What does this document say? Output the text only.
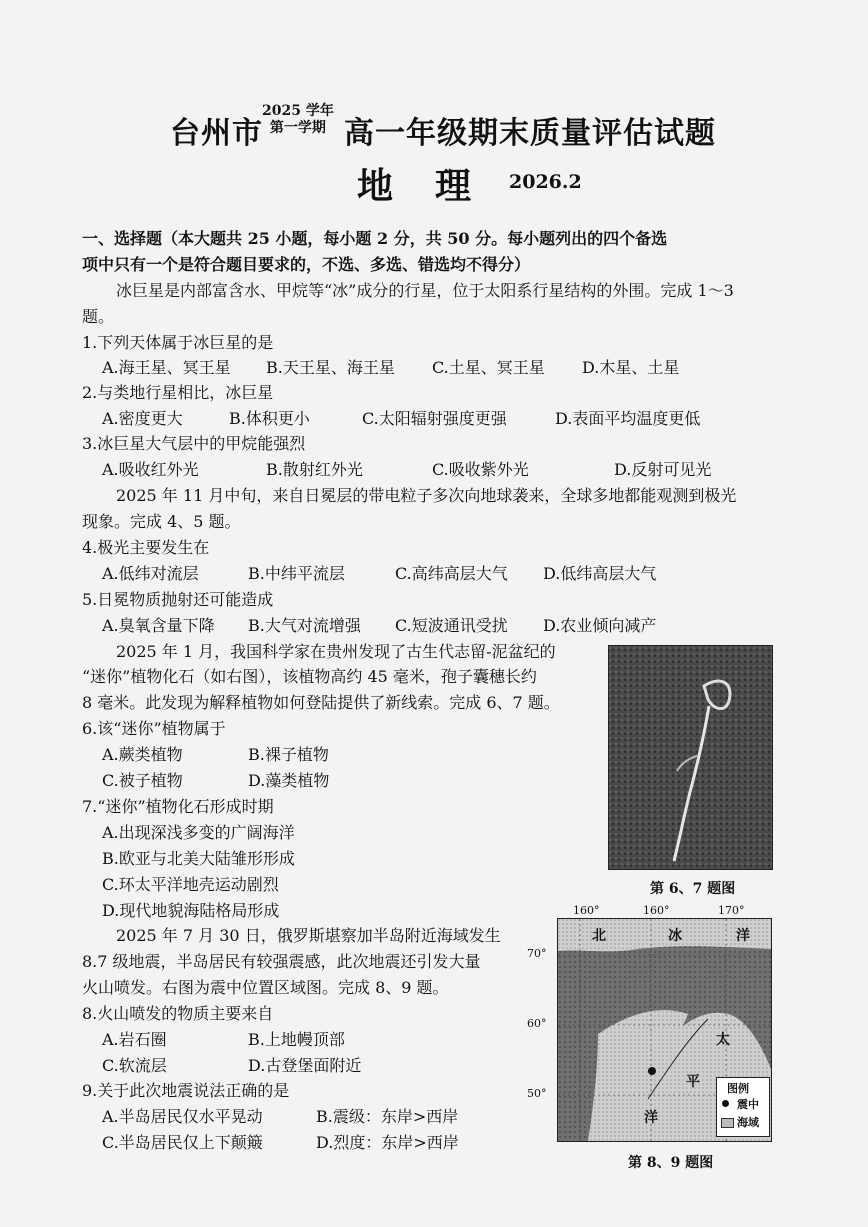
台州市
2025 学年
第一学期 高一年级期末质量评估试题
地理
2026.2
一、选择题（本大题共 25 小题，每小题 2 分，共 50 分。每小题列出的四个备选
项中只有一个是符合题目要求的，不选、多选、错选均不得分）
冰巨星是内部富含水、甲烷等“冰”成分的行星，位于太阳系行星结构的外围。完成 1～3
题。
1.下列天体属于冰巨星的是
A.海王星、冥王星 B.天王星、海王星 C.土星、冥王星 D.木星、土星
2.与类地行星相比，冰巨星
A.密度更大	B.体积更小	C.太阳辐射强度更强	D.表面平均温度更低
3.冰巨星大气层中的甲烷能强烈
A.吸收红外光	B.散射红外光	C.吸收紫外光	D.反射可见光
2025 年 11 月中旬，来自日冕层的带电粒子多次向地球袭来，全球多地都能观测到极光
现象。完成 4、5 题。
4.极光主要发生在
A.低纬对流层	B.中纬平流层	C.高纬高层大气 D.低纬高层大气
5.日冕物质抛射还可能造成
A.臭氧含量下降 B.大气对流增强 C.短波通讯受扰 D.农业倾向减产
2025 年 1 月，我国科学家在贵州发现了古生代志留-泥盆纪的
“迷你”植物化石（如右图），该植物高约 45 毫米，孢子囊穗长约
8 毫米。此发现为解释植物如何登陆提供了新线索。完成 6、7 题。
第 6、7 题图
6.该“迷你”植物属于
A.蕨类植物	B.裸子植物
C.被子植物	D.藻类植物
7.“迷你”植物化石形成时期
A.出现深浅多变的广阔海洋
B.欧亚与北美大陆雏形形成
C.环太平洋地壳运动剧烈
D.现代地貌海陆格局形成
2025 年 7 月 30 日，俄罗斯堪察加半岛附近海域发生
8.7 级地震，半岛居民有较强震感，此次地震还引发大量
火山喷发。右图为震中位置区域图。完成 8、9 题。
8.火山喷发的物质主要来自
A.岩石圈	B.上地幔顶部
C.软流层	D.古登堡面附近
9.关于此次地震说法正确的是
A.半岛居民仅水平晃动	B.震级：东岸>西岸
C.半岛居民仅上下颠簸	D.烈度：东岸>西岸
160°	160°	170°
70°
60°
50°
北	冰	洋
太
平
洋
图例
震中
海域
第 8、9 题图
